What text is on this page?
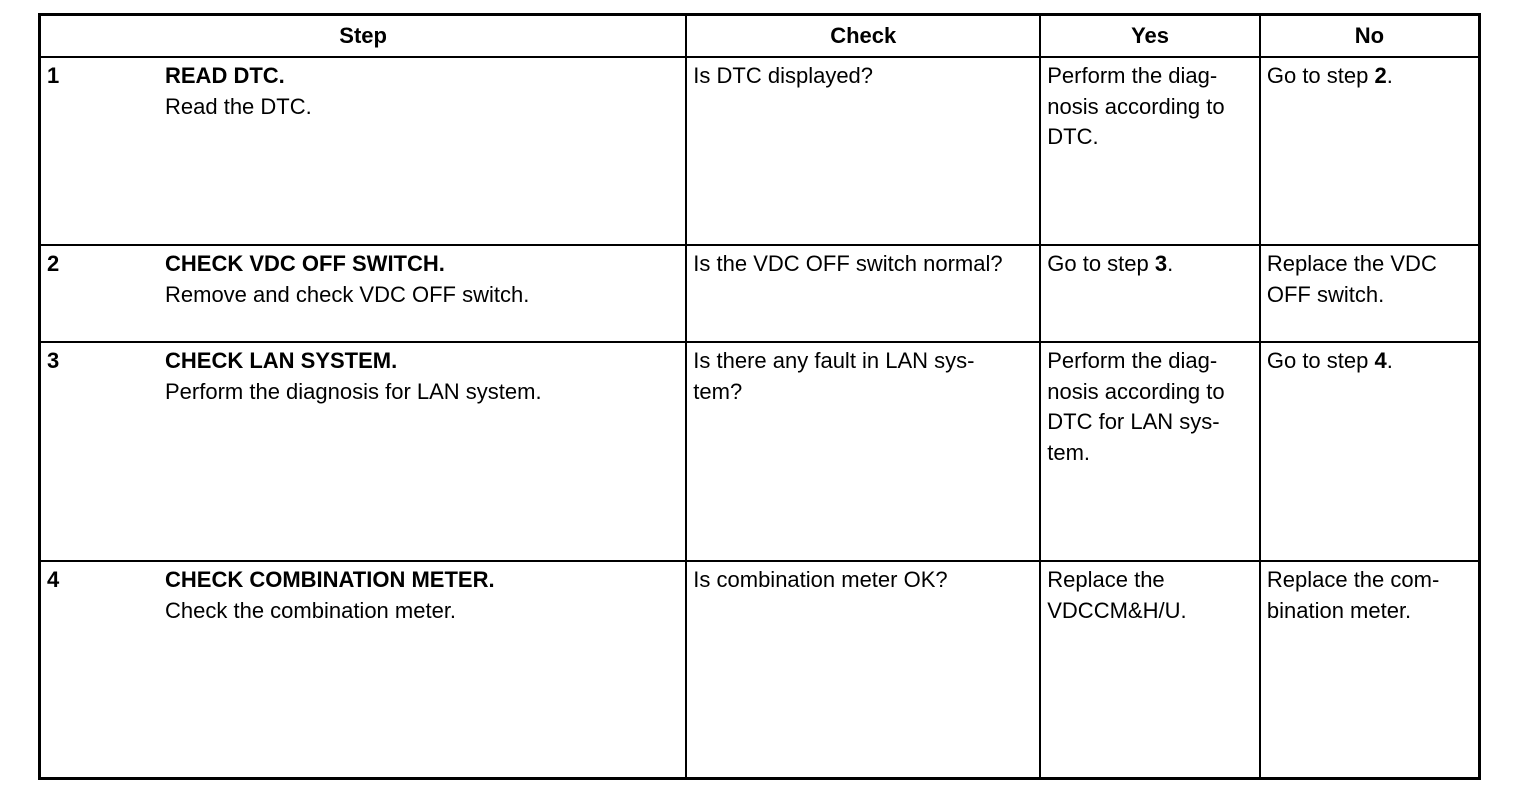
Step	Check	Yes	No

1 READ DTC.
Read the DTC.	Is DTC displayed?	Perform the diag-
nosis according to
DTC.	Go to step 2.

2 CHECK VDC OFF SWITCH.
Remove and check VDC OFF switch.	Is the VDC OFF switch normal?	Go to step 3.	Replace the VDC
OFF switch.

3 CHECK LAN SYSTEM.
Perform the diagnosis for LAN system.	Is there any fault in LAN sys-
tem?	Perform the diag-
nosis according to
DTC for LAN sys-
tem.	Go to step 4.

4 CHECK COMBINATION METER.
Check the combination meter.	Is combination meter OK?	Replace the
VDCCM&H/U.	Replace the com-
bination meter.
